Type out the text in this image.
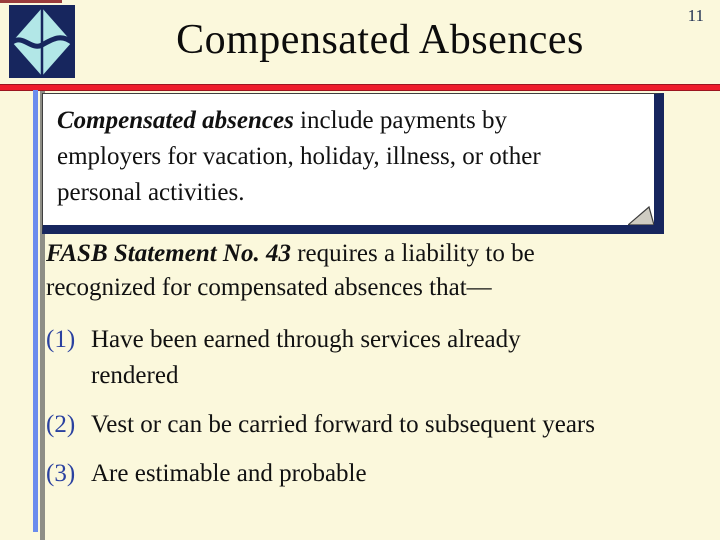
Compensated Absences
11
Compensated absences include payments by
employers for vacation, holiday, illness, or other
personal activities.
FASB Statement No. 43 requires a liability to be
recognized for compensated absences that—
(1) Have been earned through services already
rendered
(2) Vest or can be carried forward to subsequent years
(3) Are estimable and probable
